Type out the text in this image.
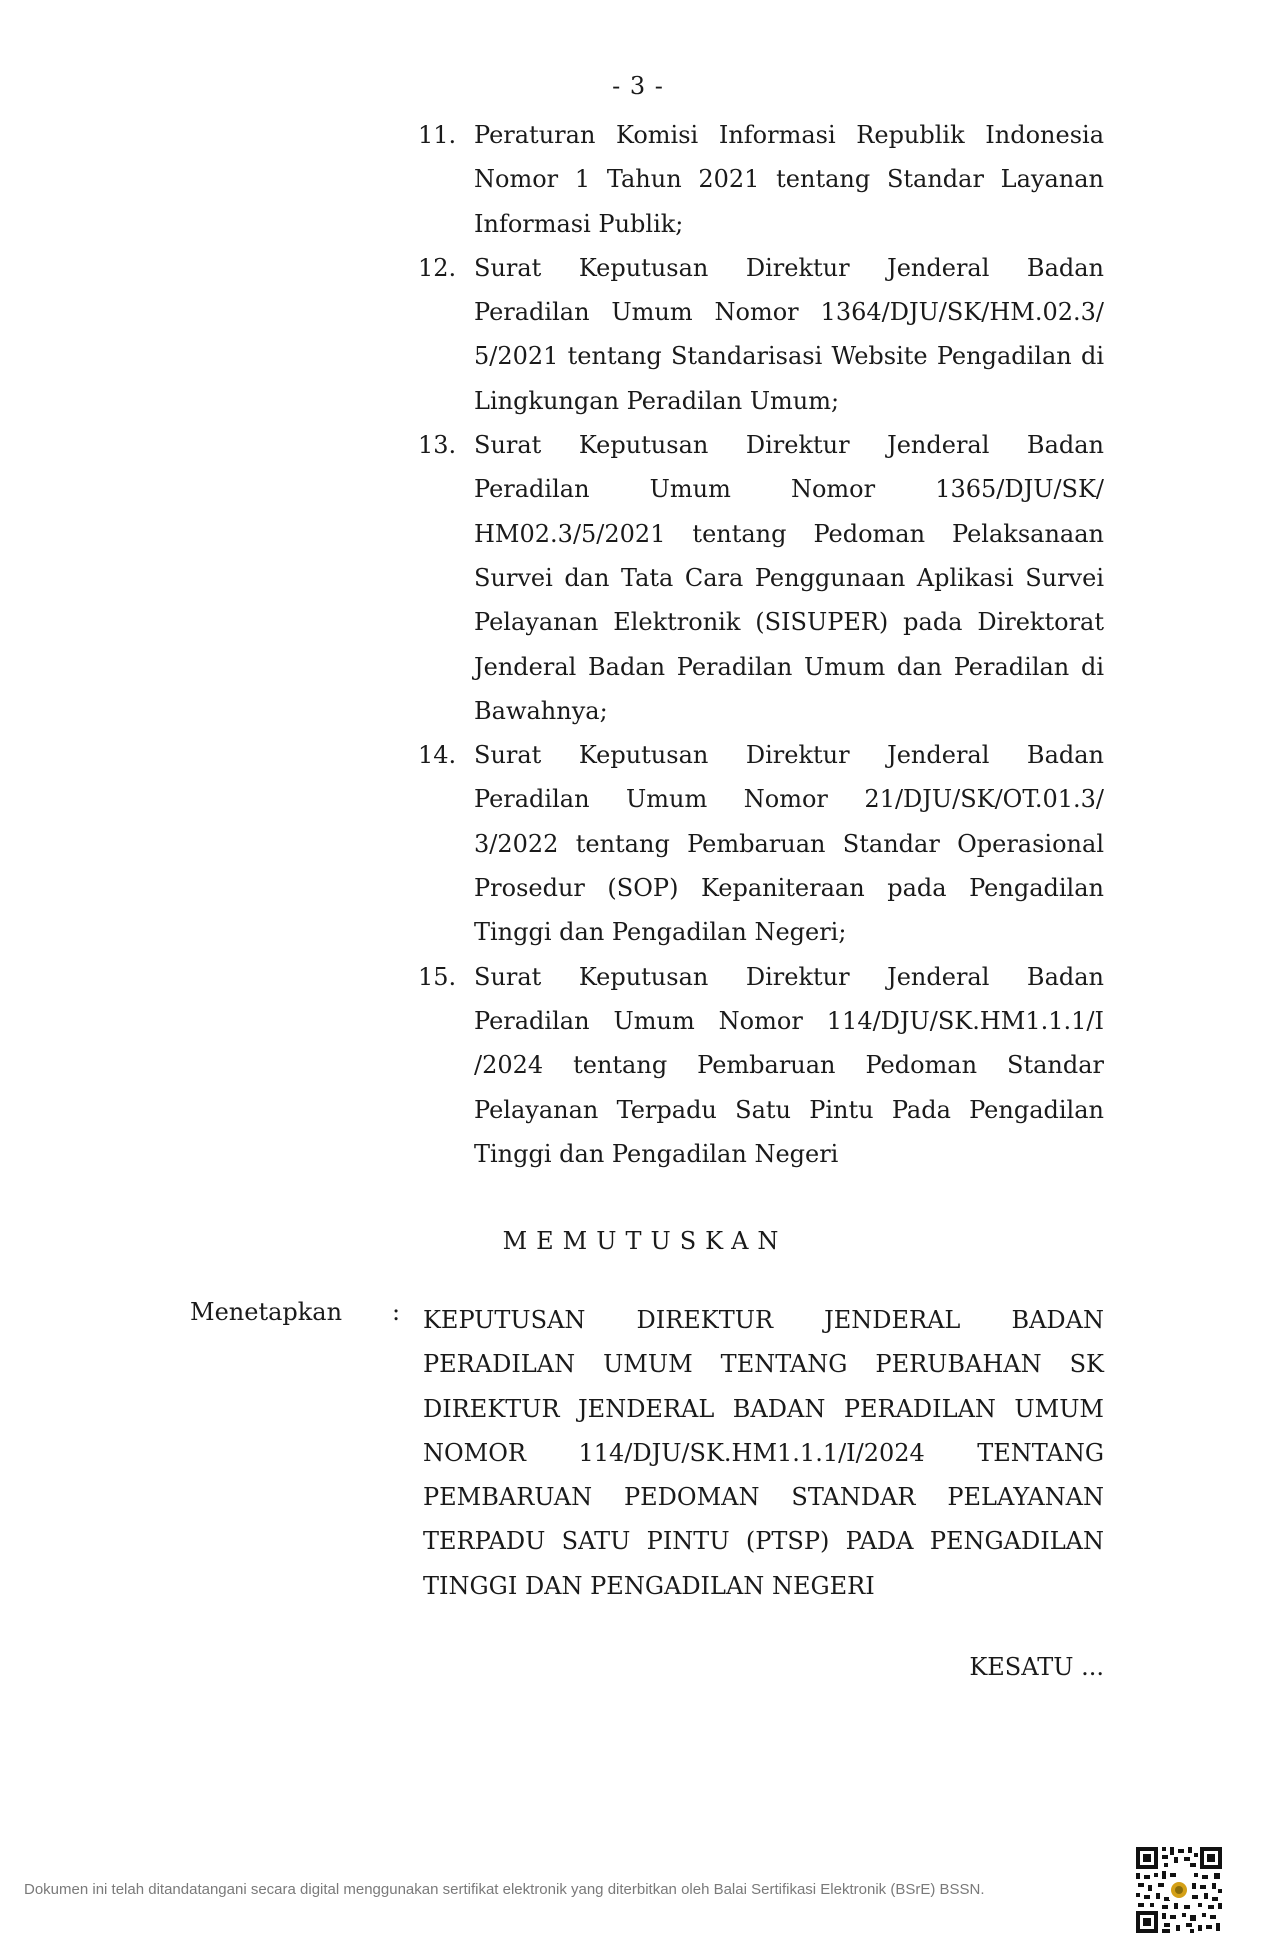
- 3 -
11. Peraturan Komisi Informasi Republik Indonesia Nomor 1 Tahun 2021 tentang Standar Layanan Informasi Publik;
12. Surat Keputusan Direktur Jenderal Badan Peradilan Umum Nomor 1364/DJU/SK/HM.02.3/ 5/2021 tentang Standarisasi Website Pengadilan di Lingkungan Peradilan Umum;
13. Surat Keputusan Direktur Jenderal Badan Peradilan Umum Nomor 1365/DJU/SK/ HM02.3/5/2021 tentang Pedoman Pelaksanaan Survei dan Tata Cara Penggunaan Aplikasi Survei Pelayanan Elektronik (SISUPER) pada Direktorat Jenderal Badan Peradilan Umum dan Peradilan di Bawahnya;
14. Surat Keputusan Direktur Jenderal Badan Peradilan Umum Nomor 21/DJU/SK/OT.01.3/ 3/2022 tentang Pembaruan Standar Operasional Prosedur (SOP) Kepaniteraan pada Pengadilan Tinggi dan Pengadilan Negeri;
15. Surat Keputusan Direktur Jenderal Badan Peradilan Umum Nomor 114/DJU/SK.HM1.1.1/I /2024 tentang Pembaruan Pedoman Standar Pelayanan Terpadu Satu Pintu Pada Pengadilan Tinggi dan Pengadilan Negeri
MEMUTUSKAN
Menetapkan : KEPUTUSAN DIREKTUR JENDERAL BADAN PERADILAN UMUM TENTANG PERUBAHAN SK DIREKTUR JENDERAL BADAN PERADILAN UMUM NOMOR 114/DJU/SK.HM1.1.1/I/2024 TENTANG PEMBARUAN PEDOMAN STANDAR PELAYANAN TERPADU SATU PINTU (PTSP) PADA PENGADILAN TINGGI DAN PENGADILAN NEGERI
KESATU ...
Dokumen ini telah ditandatangani secara digital menggunakan sertifikat elektronik yang diterbitkan oleh Balai Sertifikasi Elektronik (BSrE) BSSN.
